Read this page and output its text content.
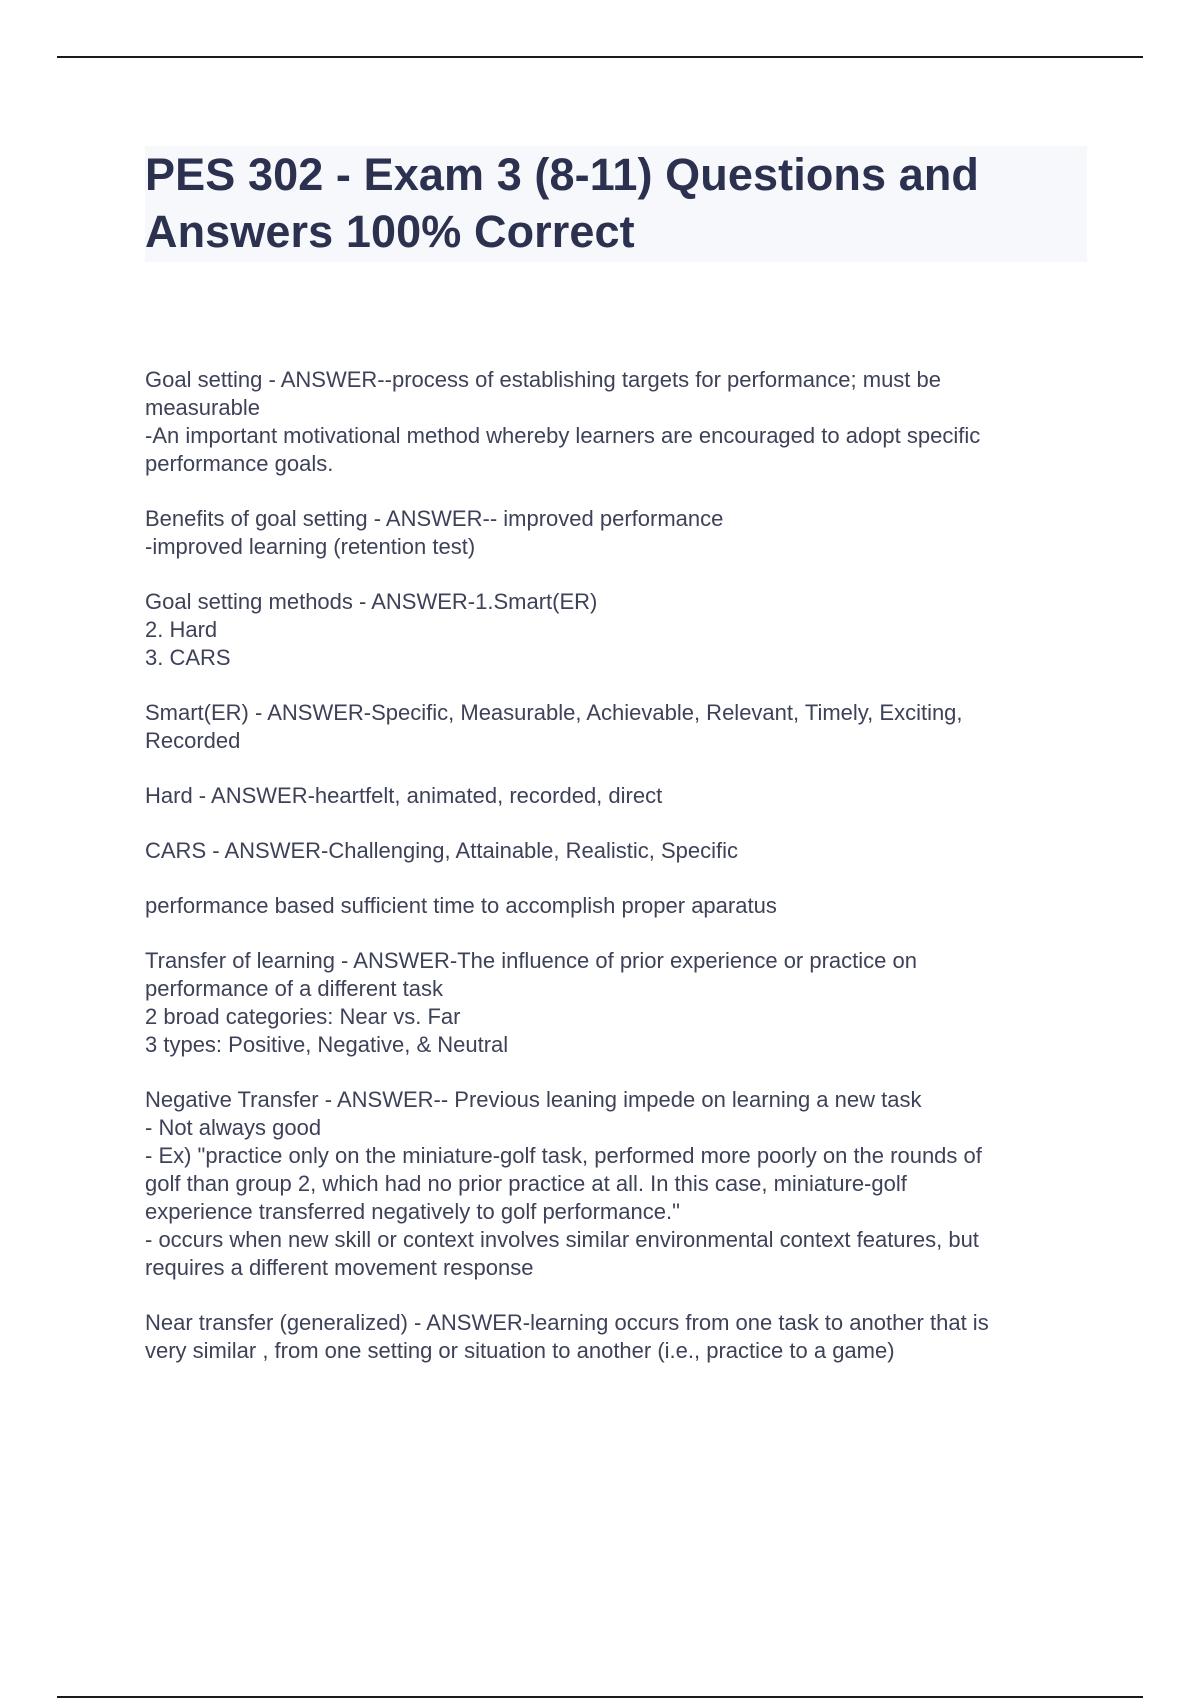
PES 302 - Exam 3 (8-11) Questions and
Answers 100% Correct
Goal setting - ANSWER--process of establishing targets for performance; must be
measurable
-An important motivational method whereby learners are encouraged to adopt specific
performance goals.
Benefits of goal setting - ANSWER-- improved performance
-improved learning (retention test)
Goal setting methods - ANSWER-1.Smart(ER)
2. Hard
3. CARS
Smart(ER) - ANSWER-Specific, Measurable, Achievable, Relevant, Timely, Exciting,
Recorded
Hard - ANSWER-heartfelt, animated, recorded, direct
CARS - ANSWER-Challenging, Attainable, Realistic, Specific
performance based sufficient time to accomplish proper aparatus
Transfer of learning - ANSWER-The influence of prior experience or practice on
performance of a different task
2 broad categories: Near vs. Far
3 types: Positive, Negative, & Neutral
Negative Transfer - ANSWER-- Previous leaning impede on learning a new task
- Not always good
- Ex) "practice only on the miniature-golf task, performed more poorly on the rounds of
golf than group 2, which had no prior practice at all. In this case, miniature-golf
experience transferred negatively to golf performance."
- occurs when new skill or context involves similar environmental context features, but
requires a different movement response
Near transfer (generalized) - ANSWER-learning occurs from one task to another that is
very similar , from one setting or situation to another (i.e., practice to a game)
